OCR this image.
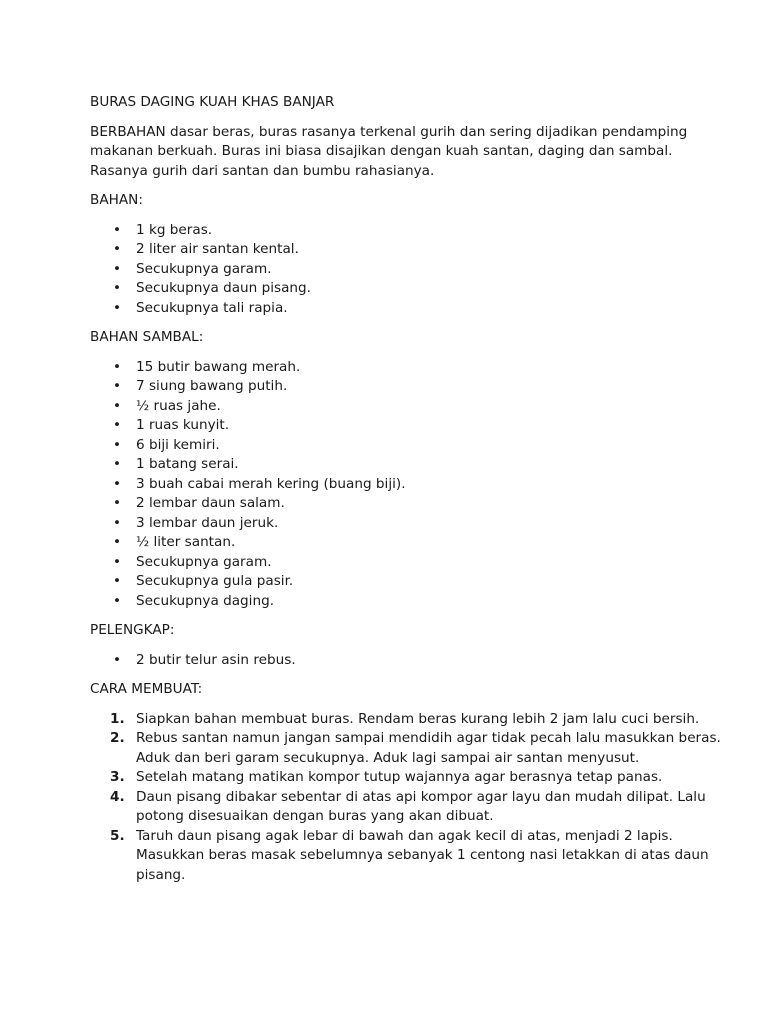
BURAS DAGING KUAH KHAS BANJAR

BERBAHAN dasar beras, buras rasanya terkenal gurih dan sering dijadikan pendamping makanan berkuah. Buras ini biasa disajikan dengan kuah santan, daging dan sambal. Rasanya gurih dari santan dan bumbu rahasianya.

BAHAN:

• 1 kg beras.
• 2 liter air santan kental.
• Secukupnya garam.
• Secukupnya daun pisang.
• Secukupnya tali rapia.

BAHAN SAMBAL:

• 15 butir bawang merah.
• 7 siung bawang putih.
• ½ ruas jahe.
• 1 ruas kunyit.
• 6 biji kemiri.
• 1 batang serai.
• 3 buah cabai merah kering (buang biji).
• 2 lembar daun salam.
• 3 lembar daun jeruk.
• ½ liter santan.
• Secukupnya garam.
• Secukupnya gula pasir.
• Secukupnya daging.

PELENGKAP:

• 2 butir telur asin rebus.

CARA MEMBUAT:

1. Siapkan bahan membuat buras. Rendam beras kurang lebih 2 jam lalu cuci bersih.
2. Rebus santan namun jangan sampai mendidih agar tidak pecah lalu masukkan beras. Aduk dan beri garam secukupnya. Aduk lagi sampai air santan menyusut.
3. Setelah matang matikan kompor tutup wajannya agar berasnya tetap panas.
4. Daun pisang dibakar sebentar di atas api kompor agar layu dan mudah dilipat. Lalu potong disesuaikan dengan buras yang akan dibuat.
5. Taruh daun pisang agak lebar di bawah dan agak kecil di atas, menjadi 2 lapis. Masukkan beras masak sebelumnya sebanyak 1 centong nasi letakkan di atas daun pisang.
